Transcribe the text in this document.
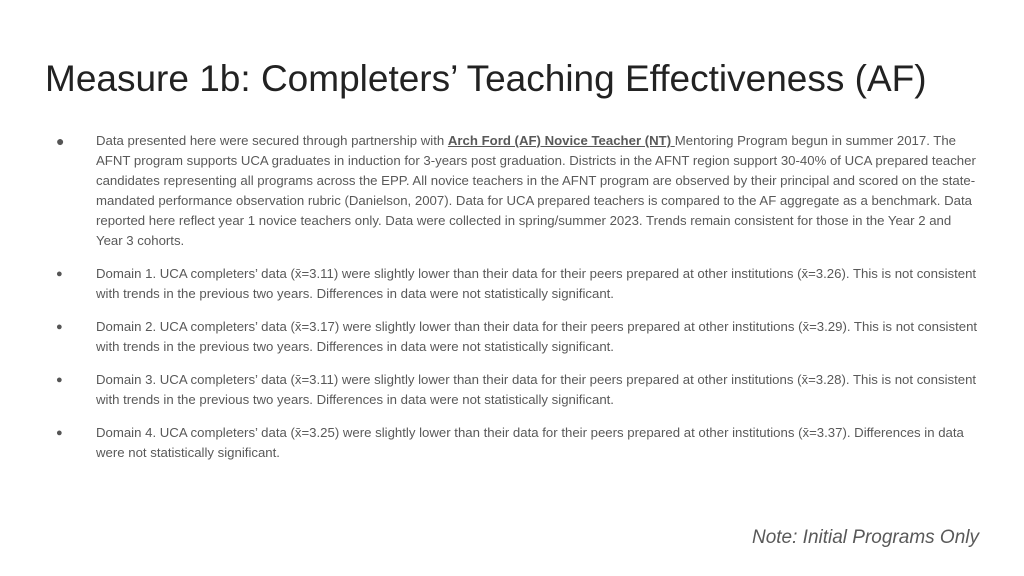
Measure 1b: Completers’ Teaching Effectiveness (AF)
●	Data presented here were secured through partnership with Arch Ford (AF) Novice Teacher (NT) Mentoring Program begun in summer 2017. The AFNT program supports UCA graduates in induction for 3-years post graduation. Districts in the AFNT region support 30-40% of UCA prepared teacher candidates representing all programs across the EPP. All novice teachers in the AFNT program are observed by their principal and scored on the state-mandated performance observation rubric (Danielson, 2007). Data for UCA prepared teachers is compared to the AF aggregate as a benchmark. Data reported here reflect year 1 novice teachers only. Data were collected in spring/summer 2023. Trends remain consistent for those in the Year 2 and Year 3 cohorts.
●	Domain 1. UCA completers’ data (x̄=3.11) were slightly lower than their data for their peers prepared at other institutions (x̄=3.26). This is not consistent with trends in the previous two years. Differences in data were not statistically significant.
●	Domain 2. UCA completers’ data (x̄=3.17) were slightly lower than their data for their peers prepared at other institutions (x̄=3.29). This is not consistent with trends in the previous two years. Differences in data were not statistically significant.
●	Domain 3. UCA completers’ data (x̄=3.11) were slightly lower than their data for their peers prepared at other institutions (x̄=3.28). This is not consistent with trends in the previous two years. Differences in data were not statistically significant.
●	Domain 4. UCA completers’ data (x̄=3.25) were slightly lower than their data for their peers prepared at other institutions (x̄=3.37). Differences in data were not statistically significant.
Note: Initial Programs Only
